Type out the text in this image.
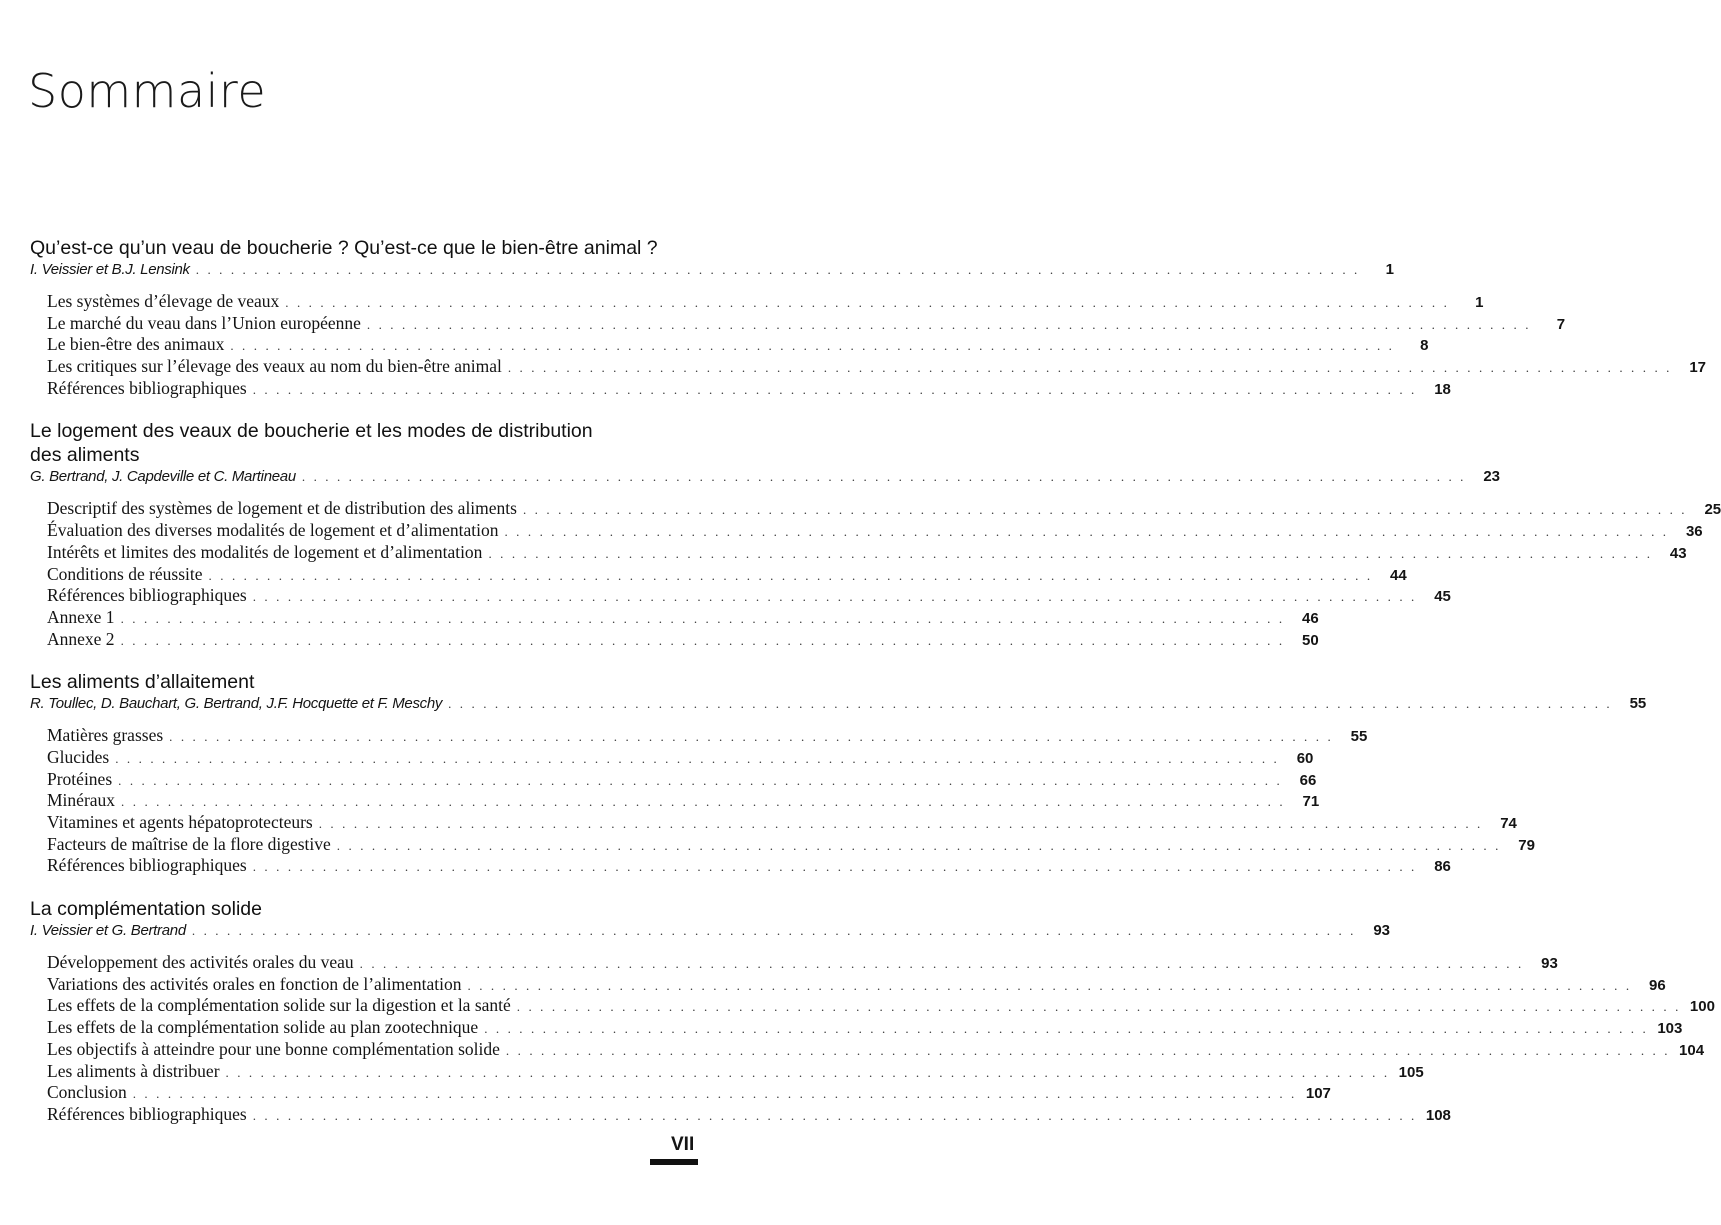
Sommaire
Qu’est-ce qu’un veau de boucherie ? Qu’est-ce que le bien-être animal ?
I. Veissier et B.J. Lensink . . . . . . . . . . . . . . . . . . . . . . . . . . . . . . . . . . . . . . . . . . . . . . . . . . . . . . . . . . . . . . . . . . . . . . . . . . . . . . . . . . . . . . . . . . . . . . . . . . . .	1
Les systèmes d’élevage de veaux . . . . . . . . . . . . . . . . . . . . . . . . . . . . . . . . . . . . . . . . . . . . . . . . . . . . . . . . . . . . . . . . . . . . . . . . . . . . . . . . . . . . . . . . . . . . . . . . . . . .	1
Le marché du veau dans l’Union européenne . . . . . . . . . . . . . . . . . . . . . . . . . . . . . . . . . . . . . . . . . . . . . . . . . . . . . . . . . . . . . . . . . . . . . . . . . . . . . . . . . . . . . . . . . . . . . . . . . . . .	7
Le bien-être des animaux . . . . . . . . . . . . . . . . . . . . . . . . . . . . . . . . . . . . . . . . . . . . . . . . . . . . . . . . . . . . . . . . . . . . . . . . . . . . . . . . . . . . . . . . . . . . . . . . . . . .	8
Les critiques sur l’élevage des veaux au nom du bien-être animal . . . . . . . . . . . . . . . . . . . . . . . . . . . . . . . . . . . . . . . . . . . . . . . . . . . . . . . . . . . . . . . . . . . . . . . . . . . . . . . . . . . . . . . . . . . . . . . . . . . .	17
Références bibliographiques . . . . . . . . . . . . . . . . . . . . . . . . . . . . . . . . . . . . . . . . . . . . . . . . . . . . . . . . . . . . . . . . . . . . . . . . . . . . . . . . . . . . . . . . . . . . . . . . . . . .	18
Le logement des veaux de boucherie et les modes de distribution des aliments
G. Bertrand, J. Capdeville et C. Martineau . . . . . . . . . . . . . . . . . . . . . . . . . . . . . . . . . . . . . . . . . . . . . . . . . . . . . . . . . . . . . . . . . . . . . . . . . . . . . . . . . . . . . . . . . . . . . . . . . . . .	23
Descriptif des systèmes de logement et de distribution des aliments . . . . . . . . . . . . . . . . . . . . . . . . . . . . . . . . . . . . . . . . . . . . . . . . . . . . . . . . . . . . . . . . . . . . . . . . . . . . . . . . . . . . . . . . . . . . . . . . . . . .	25
Évaluation des diverses modalités de logement et d’alimentation . . . . . . . . . . . . . . . . . . . . . . . . . . . . . . . . . . . . . . . . . . . . . . . . . . . . . . . . . . . . . . . . . . . . . . . . . . . . . . . . . . . . . . . . . . . . . . . . . . . .	36
Intérêts et limites des modalités de logement et d’alimentation . . . . . . . . . . . . . . . . . . . . . . . . . . . . . . . . . . . . . . . . . . . . . . . . . . . . . . . . . . . . . . . . . . . . . . . . . . . . . . . . . . . . . . . . . . . . . . . . . . . .	43
Conditions de réussite . . . . . . . . . . . . . . . . . . . . . . . . . . . . . . . . . . . . . . . . . . . . . . . . . . . . . . . . . . . . . . . . . . . . . . . . . . . . . . . . . . . . . . . . . . . . . . . . . . . .	44
Références bibliographiques . . . . . . . . . . . . . . . . . . . . . . . . . . . . . . . . . . . . . . . . . . . . . . . . . . . . . . . . . . . . . . . . . . . . . . . . . . . . . . . . . . . . . . . . . . . . . . . . . . . .	45
Annexe 1 . . . . . . . . . . . . . . . . . . . . . . . . . . . . . . . . . . . . . . . . . . . . . . . . . . . . . . . . . . . . . . . . . . . . . . . . . . . . . . . . . . . . . . . . . . . . . . . . . . . .	46
Annexe 2 . . . . . . . . . . . . . . . . . . . . . . . . . . . . . . . . . . . . . . . . . . . . . . . . . . . . . . . . . . . . . . . . . . . . . . . . . . . . . . . . . . . . . . . . . . . . . . . . . . . .	50
Les aliments d’allaitement
R. Toullec, D. Bauchart, G. Bertrand, J.F. Hocquette et F. Meschy . . . . . . . . . . . . . . . . . . . . . . . . . . . . . . . . . . . . . . . . . . . . . . . . . . . . . . . . . . . . . . . . . . . . . . . . . . . . . . . . . . . . . . . . . . . . . . . . . . . .	55
Matières grasses . . . . . . . . . . . . . . . . . . . . . . . . . . . . . . . . . . . . . . . . . . . . . . . . . . . . . . . . . . . . . . . . . . . . . . . . . . . . . . . . . . . . . . . . . . . . . . . . . . . .	55
Glucides . . . . . . . . . . . . . . . . . . . . . . . . . . . . . . . . . . . . . . . . . . . . . . . . . . . . . . . . . . . . . . . . . . . . . . . . . . . . . . . . . . . . . . . . . . . . . . . . . . . .	60
Protéines . . . . . . . . . . . . . . . . . . . . . . . . . . . . . . . . . . . . . . . . . . . . . . . . . . . . . . . . . . . . . . . . . . . . . . . . . . . . . . . . . . . . . . . . . . . . . . . . . . . .	66
Minéraux . . . . . . . . . . . . . . . . . . . . . . . . . . . . . . . . . . . . . . . . . . . . . . . . . . . . . . . . . . . . . . . . . . . . . . . . . . . . . . . . . . . . . . . . . . . . . . . . . . . .	71
Vitamines et agents hépatoprotecteurs . . . . . . . . . . . . . . . . . . . . . . . . . . . . . . . . . . . . . . . . . . . . . . . . . . . . . . . . . . . . . . . . . . . . . . . . . . . . . . . . . . . . . . . . . . . . . . . . . . . .	74
Facteurs de maîtrise de la flore digestive . . . . . . . . . . . . . . . . . . . . . . . . . . . . . . . . . . . . . . . . . . . . . . . . . . . . . . . . . . . . . . . . . . . . . . . . . . . . . . . . . . . . . . . . . . . . . . . . . . . .	79
Références bibliographiques . . . . . . . . . . . . . . . . . . . . . . . . . . . . . . . . . . . . . . . . . . . . . . . . . . . . . . . . . . . . . . . . . . . . . . . . . . . . . . . . . . . . . . . . . . . . . . . . . . . .	86
La complémentation solide
I. Veissier et G. Bertrand . . . . . . . . . . . . . . . . . . . . . . . . . . . . . . . . . . . . . . . . . . . . . . . . . . . . . . . . . . . . . . . . . . . . . . . . . . . . . . . . . . . . . . . . . . . . . . . . . . . .	93
Développement des activités orales du veau . . . . . . . . . . . . . . . . . . . . . . . . . . . . . . . . . . . . . . . . . . . . . . . . . . . . . . . . . . . . . . . . . . . . . . . . . . . . . . . . . . . . . . . . . . . . . . . . . . . .	93
Variations des activités orales en fonction de l’alimentation . . . . . . . . . . . . . . . . . . . . . . . . . . . . . . . . . . . . . . . . . . . . . . . . . . . . . . . . . . . . . . . . . . . . . . . . . . . . . . . . . . . . . . . . . . . . . . . . . . . .	96
Les effets de la complémentation solide sur la digestion et la santé . . . . . . . . . . . . . . . . . . . . . . . . . . . . . . . . . . . . . . . . . . . . . . . . . . . . . . . . . . . . . . . . . . . . . . . . . . . . . . . . . . . . . . . . . . . . . . . . . . . . 100
Les effets de la complémentation solide au plan zootechnique . . . . . . . . . . . . . . . . . . . . . . . . . . . . . . . . . . . . . . . . . . . . . . . . . . . . . . . . . . . . . . . . . . . . . . . . . . . . . . . . . . . . . . . . . . . . . . . . . . . . 103
Les objectifs à atteindre pour une bonne complémentation solide . . . . . . . . . . . . . . . . . . . . . . . . . . . . . . . . . . . . . . . . . . . . . . . . . . . . . . . . . . . . . . . . . . . . . . . . . . . . . . . . . . . . . . . . . . . . . . . . . . . . 104
Les aliments à distribuer . . . . . . . . . . . . . . . . . . . . . . . . . . . . . . . . . . . . . . . . . . . . . . . . . . . . . . . . . . . . . . . . . . . . . . . . . . . . . . . . . . . . . . . . . . . . . . . . . . . . 105
Conclusion . . . . . . . . . . . . . . . . . . . . . . . . . . . . . . . . . . . . . . . . . . . . . . . . . . . . . . . . . . . . . . . . . . . . . . . . . . . . . . . . . . . . . . . . . . . . . . . . . . . . 107
Références bibliographiques . . . . . . . . . . . . . . . . . . . . . . . . . . . . . . . . . . . . . . . . . . . . . . . . . . . . . . . . . . . . . . . . . . . . . . . . . . . . . . . . . . . . . . . . . . . . . . . . . . . . 108
VII
